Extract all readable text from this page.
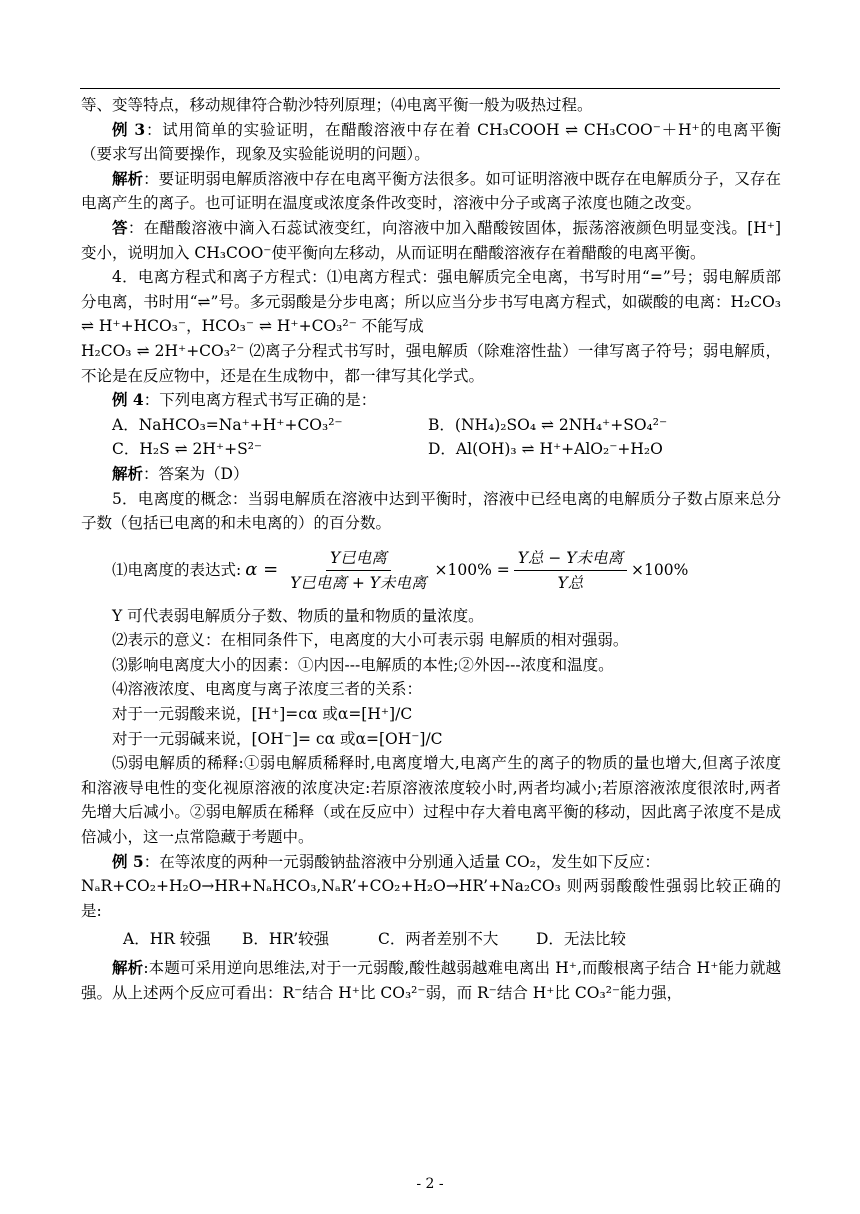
等、变等特点，移动规律符合勒沙特列原理；⑷电离平衡一般为吸热过程。

例 3：试用简单的实验证明，在醋酸溶液中存在着 CH₃COOH ⇌ CH₃COO⁻＋H⁺的电离平衡（要求写出简要操作，现象及实验能说明的问题）。

解析：要证明弱电解质溶液中存在电离平衡方法很多。如可证明溶液中既存在电解质分子，又存在电离产生的离子。也可证明在温度或浓度条件改变时，溶液中分子或离子浓度也随之改变。

答：在醋酸溶液中滴入石蕊试液变红，向溶液中加入醋酸铵固体，振荡溶液颜色明显变浅。[H⁺]变小，说明加入 CH₃COO⁻使平衡向左移动，从而证明在醋酸溶液存在着醋酸的电离平衡。

4．电离方程式和离子方程式：⑴电离方程式：强电解质完全电离，书写时用“=”号；弱电解质部分电离，书时用“⇌”号。多元弱酸是分步电离；所以应当分步书写电离方程式，如碳酸的电离：H₂CO₃ ⇌ H⁺+HCO₃⁻，HCO₃⁻ ⇌ H⁺+CO₃²⁻ 不能写成

H₂CO₃ ⇌ 2H⁺+CO₃²⁻ ⑵离子分程式书写时，强电解质（除难溶性盐）一律写离子符号；弱电解质，不论是在反应物中，还是在生成物中，都一律写其化学式。

例 4：下列电离方程式书写正确的是：

A．NaHCO₃=Na⁺+H⁺+CO₃²⁻	B．(NH₄)₂SO₄ ⇌ 2NH₄⁺+SO₄²⁻
C．H₂S ⇌ 2H⁺+S²⁻	D．Al(OH)₃ ⇌ H⁺+AlO₂⁻+H₂O

解析：答案为（D）

5．电离度的概念：当弱电解质在溶液中达到平衡时，溶液中已经电离的电解质分子数占原来总分子数（包括已电离的和未电离的）的百分数。

⑴电离度的表达式: $\alpha = \frac{\text{Y已电离}}{\text{Y已电离 + Y未电离}} \times 100\% = \frac{\text{Y总 − Y未电离}}{\text{Y总}} \times 100\%$

Y 可代表弱电解质分子数、物质的量和物质的量浓度。

⑵表示的意义：在相同条件下，电离度的大小可表示弱 电解质的相对强弱。

⑶影响电离度大小的因素：①内因---电解质的本性;②外因---浓度和温度。

⑷溶液浓度、电离度与离子浓度三者的关系：

对于一元弱酸来说，[H⁺]=cα 或α=[H⁺]/C

对于一元弱碱来说，[OH⁻]= cα 或α=[OH⁻]/C

⑸弱电解质的稀释:①弱电解质稀释时,电离度增大,电离产生的离子的物质的量也增大,但离子浓度和溶液导电性的变化视原溶液的浓度决定:若原溶液浓度较小时,两者均减小;若原溶液浓度很浓时,两者先增大后减小。②弱电解质在稀释（或在反应中）过程中存大着电离平衡的移动，因此离子浓度不是成倍减小，这一点常隐藏于考题中。

例 5：在等浓度的两种一元弱酸钠盐溶液中分别通入适量 CO₂，发生如下反应：

NₐR+CO₂+H₂O→HR+NₐHCO₃,NₐR’+CO₂+H₂O→HR’+Na₂CO₃ 则两弱酸酸性强弱比较正确的是:

A．HR 较强	B．HR’较强	C．两者差别不大	D．无法比较

解析:本题可采用逆向思维法,对于一元弱酸,酸性越弱越难电离出 H⁺,而酸根离子结合 H⁺能力就越强。从上述两个反应可看出：R⁻结合 H⁺比 CO₃²⁻弱，而 R⁻结合 H⁺比 CO₃²⁻能力强，

- 2 -
